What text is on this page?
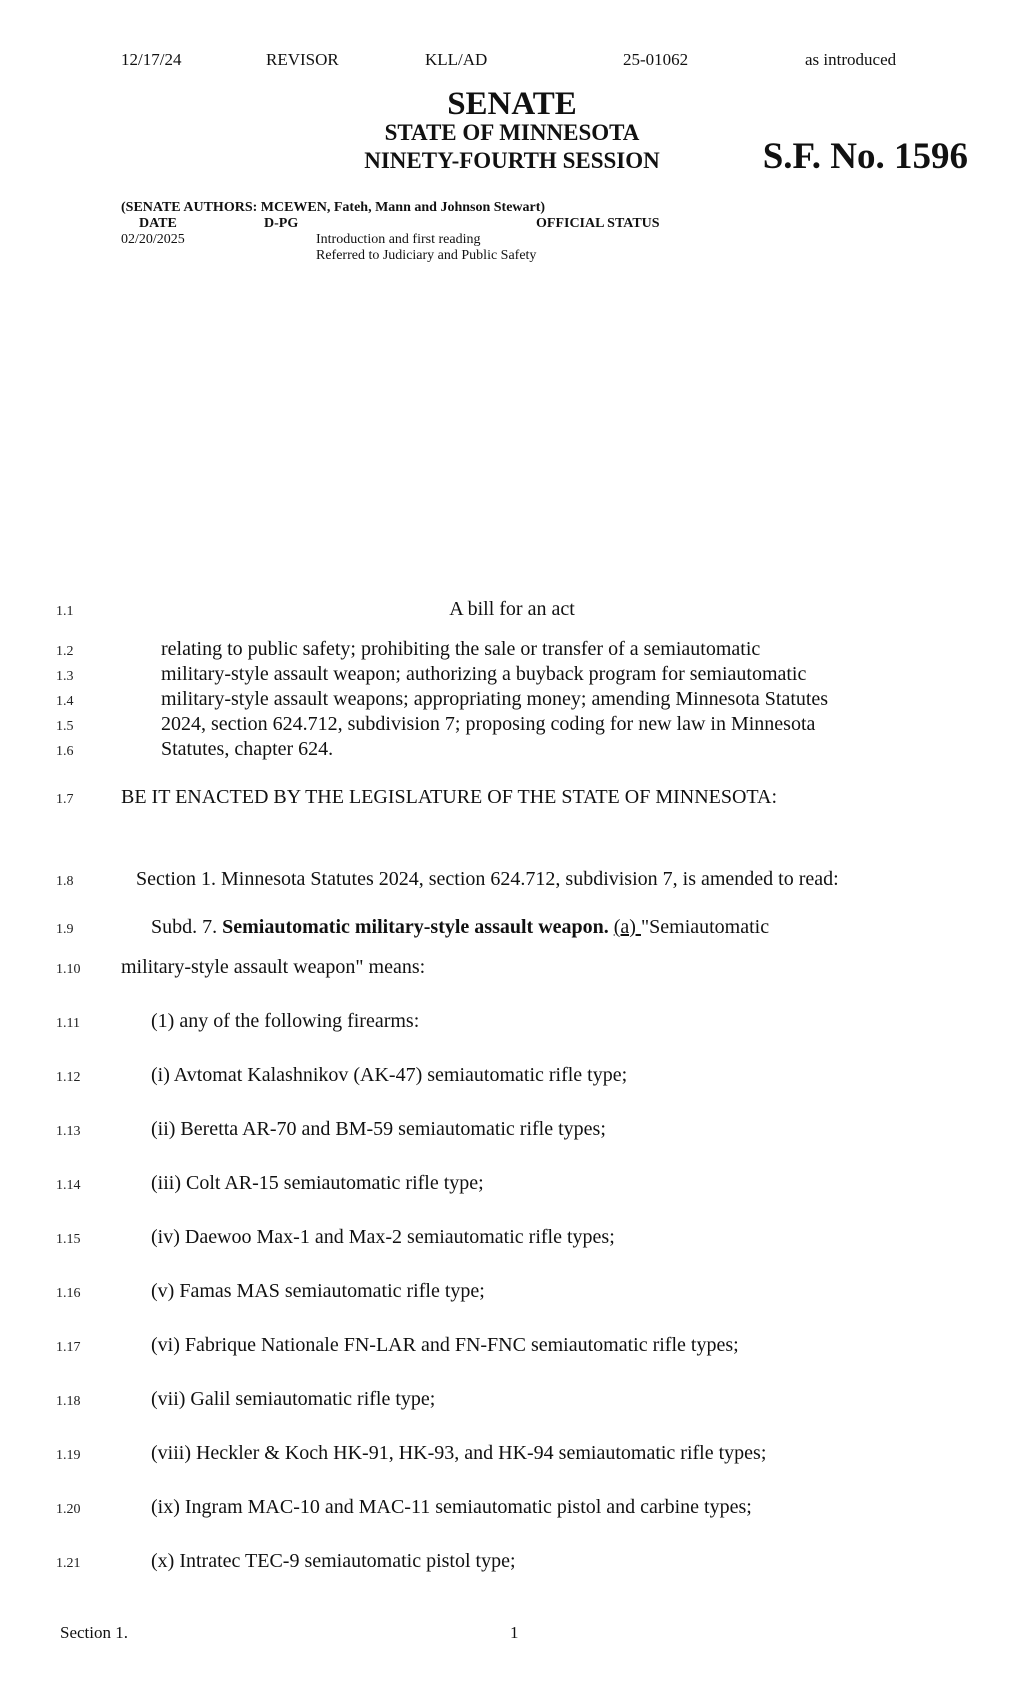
12/17/24	REVISOR	KLL/AD	25-01062	as introduced
SENATE
STATE OF MINNESOTA
NINETY-FOURTH SESSION	S.F. No. 1596
(SENATE AUTHORS: MCEWEN, Fateh, Mann and Johnson Stewart)
DATE	D-PG	OFFICIAL STATUS
02/20/2025	Introduction and first reading
Referred to Judiciary and Public Safety
1.1	A bill for an act
1.2	relating to public safety; prohibiting the sale or transfer of a semiautomatic
1.3	military-style assault weapon; authorizing a buyback program for semiautomatic
1.4	military-style assault weapons; appropriating money; amending Minnesota Statutes
1.5	2024, section 624.712, subdivision 7; proposing coding for new law in Minnesota
1.6	Statutes, chapter 624.
1.7 BE IT ENACTED BY THE LEGISLATURE OF THE STATE OF MINNESOTA:
1.8	Section 1. Minnesota Statutes 2024, section 624.712, subdivision 7, is amended to read:
1.9	Subd. 7. Semiautomatic military-style assault weapon. (a) "Semiautomatic
1.10 military-style assault weapon" means:
1.11	(1) any of the following firearms:
1.12	(i) Avtomat Kalashnikov (AK-47) semiautomatic rifle type;
1.13	(ii) Beretta AR-70 and BM-59 semiautomatic rifle types;
1.14	(iii) Colt AR-15 semiautomatic rifle type;
1.15	(iv) Daewoo Max-1 and Max-2 semiautomatic rifle types;
1.16	(v) Famas MAS semiautomatic rifle type;
1.17	(vi) Fabrique Nationale FN-LAR and FN-FNC semiautomatic rifle types;
1.18	(vii) Galil semiautomatic rifle type;
1.19	(viii) Heckler & Koch HK-91, HK-93, and HK-94 semiautomatic rifle types;
1.20	(ix) Ingram MAC-10 and MAC-11 semiautomatic pistol and carbine types;
1.21	(x) Intratec TEC-9 semiautomatic pistol type;
Section 1.	1
